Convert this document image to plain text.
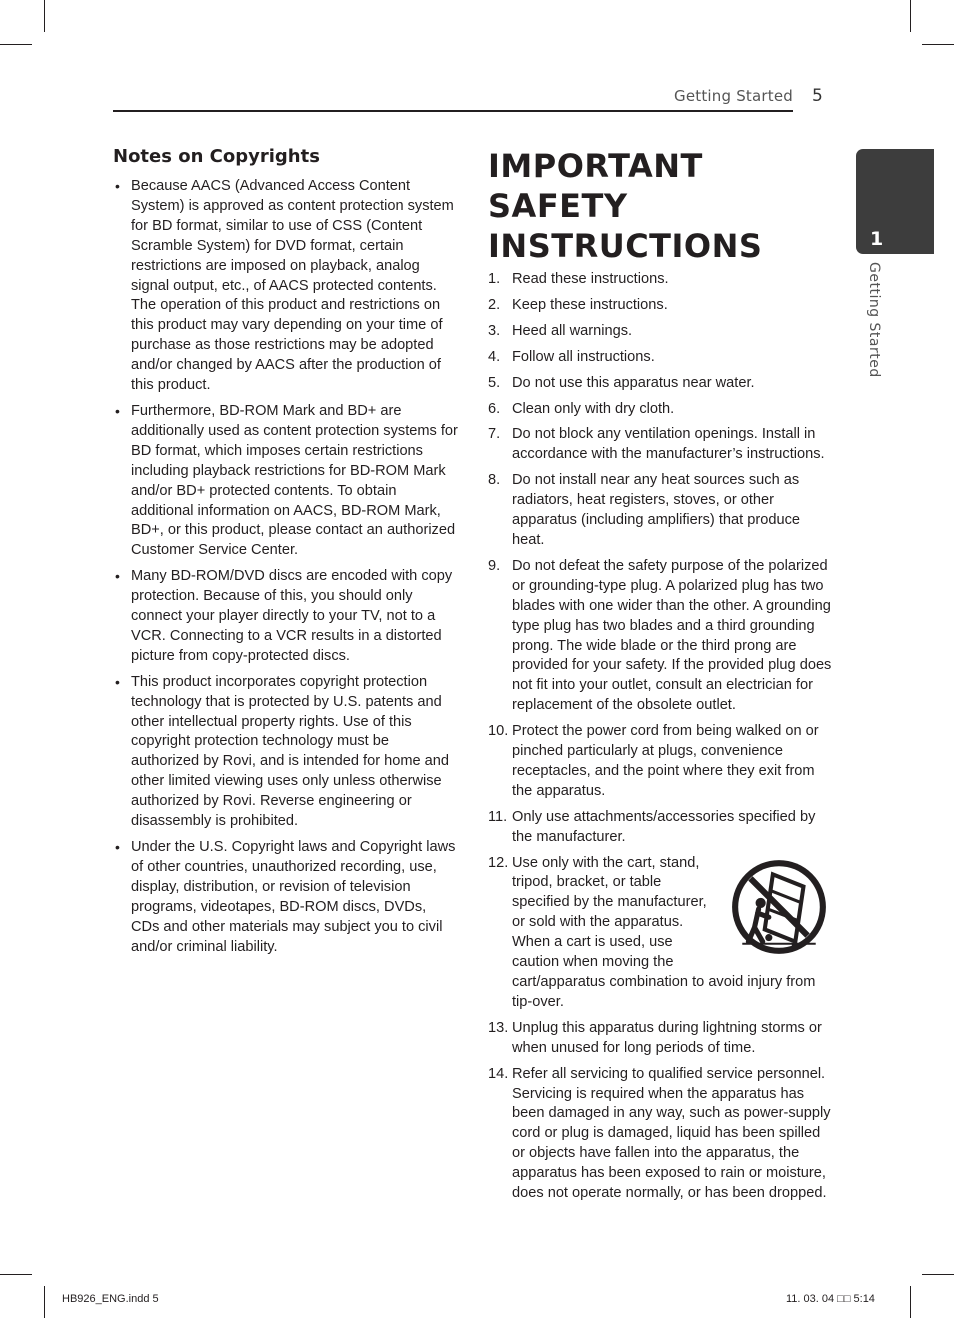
Getting Started 5
1
Getting Started
Notes on Copyrights
• Because AACS (Advanced Access Content System) is approved as content protection system for BD format, similar to use of CSS (Content Scramble System) for DVD format, certain restrictions are imposed on playback, analog signal output, etc., of AACS protected contents. The operation of this product and restrictions on this product may vary depending on your time of purchase as those restrictions may be adopted and/or changed by AACS after the production of this product.
• Furthermore, BD-ROM Mark and BD+ are additionally used as content protection systems for BD format, which imposes certain restrictions including playback restrictions for BD-ROM Mark and/or BD+ protected contents. To obtain additional information on AACS, BD-ROM Mark, BD+, or this product, please contact an authorized Customer Service Center.
• Many BD-ROM/DVD discs are encoded with copy protection. Because of this, you should only connect your player directly to your TV, not to a VCR. Connecting to a VCR results in a distorted picture from copy-protected discs.
• This product incorporates copyright protection technology that is protected by U.S. patents and other intellectual property rights. Use of this copyright protection technology must be authorized by Rovi, and is intended for home and other limited viewing uses only unless otherwise authorized by Rovi. Reverse engineering or disassembly is prohibited.
• Under the U.S. Copyright laws and Copyright laws of other countries, unauthorized recording, use, display, distribution, or revision of television programs, videotapes, BD-ROM discs, DVDs, CDs and other materials may subject you to civil and/or criminal liability.
IMPORTANT SAFETY INSTRUCTIONS
1. Read these instructions.
2. Keep these instructions.
3. Heed all warnings.
4. Follow all instructions.
5. Do not use this apparatus near water.
6. Clean only with dry cloth.
7. Do not block any ventilation openings. Install in accordance with the manufacturer’s instructions.
8. Do not install near any heat sources such as radiators, heat registers, stoves, or other apparatus (including amplifiers) that produce heat.
9. Do not defeat the safety purpose of the polarized or grounding-type plug. A polarized plug has two blades with one wider than the other. A grounding type plug has two blades and a third grounding prong. The wide blade or the third prong are provided for your safety. If the provided plug does not fit into your outlet, consult an electrician for replacement of the obsolete outlet.
10. Protect the power cord from being walked on or pinched particularly at plugs, convenience receptacles, and the point where they exit from the apparatus.
11. Only use attachments/accessories specified by the manufacturer.
12. Use only with the cart, stand, tripod, bracket, or table specified by the manufacturer, or sold with the apparatus. When a cart is used, use caution when moving the cart/apparatus combination to avoid injury from tip-over.
13. Unplug this apparatus during lightning storms or when unused for long periods of time.
14. Refer all servicing to qualified service personnel. Servicing is required when the apparatus has been damaged in any way, such as power-supply cord or plug is damaged, liquid has been spilled or objects have fallen into the apparatus, the apparatus has been exposed to rain or moisture, does not operate normally, or has been dropped.
HB926_ENG.indd 5	11. 03. 04 □□ 5:14
